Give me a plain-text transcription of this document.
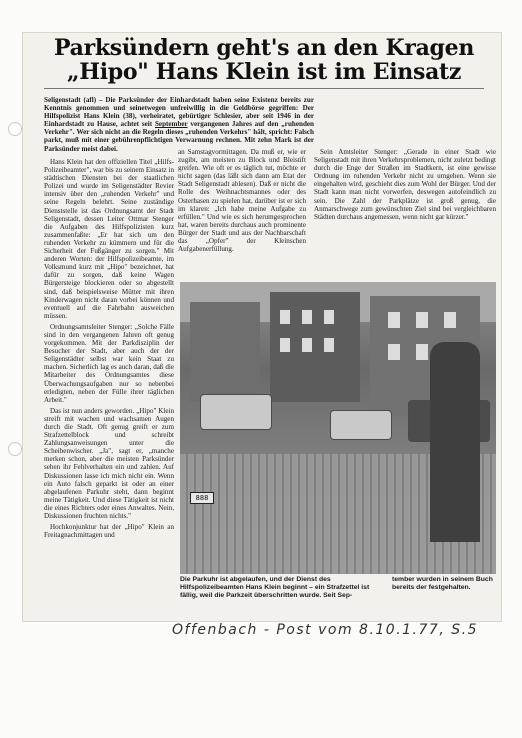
Parksündern geht's an den Kragen
„Hipo" Hans Klein ist im Einsatz

Seligenstadt (afl) – Die Parksünder der Einhardstadt haben seine Existenz bereits zur Kenntnis genommen und seinetwegen unfreiwillig in die Geldbörse gegriffen: Der Hilfspolizist Hans Klein (38), verheiratet, gebürtiger Schlesier, aber seit 1946 in der Einhardstadt zu Hause, achtet seit September vergangenen Jahres auf den „ruhenden Verkehr". Wer sich nicht an die Regeln dieses „ruhenden Verkehrs" hält, spricht: Falsch parkt, muß mit einer gebührenpflichtigen Verwarnung rechnen. Mit zehn Mark ist der Parksünder meist dabei.

Hans Klein hat den offiziellen Titel „Hilfs-Polizeibeamter", war bis zu seinem Einsatz in städtischen Diensten bei der staatlichen Polizei und wurde im Seligenstädter Revier intensiv über den „ruhenden Verkehr" und seine Regeln belehrt. Seine zuständige Dienststelle ist das Ordnungsamt der Stadt Seligenstadt, dessen Leiter Ottmar Stenger die Aufgaben des Hilfspolizisten kurz zusammenfaßte: „Er hat sich um den ruhenden Verkehr zu kümmern und für die Sicherheit der Fußgänger zu sorgen." Mit anderen Worten: der Hilfspolizeibeamte, im Volksmund kurz mit „Hipo" bezeichnet, hat dafür zu sorgen, daß keine Wagen Bürgersteige blockieren oder so abgestellt sind, daß beispielsweise Mütter mit ihren Kinderwagen nicht daran vorbei können und eventuell auf die Fahrbahn ausweichen müssen.

Ordnungsamtsleiter Stenger: „Solche Fälle sind in den vergangenen Jahren oft genug vorgekommen. Mit der Parkdisziplin der Besucher der Stadt, aber auch der der Seligenstädter selbst war kein Staat zu machen. Sicherlich lag es auch daran, daß die Mitarbeiter des Ordnungsamtes diese Überwachungsaufgaben nur so nebenbei erledigten, neben der Fülle ihrer täglichen Arbeit."

Das ist nun anders geworden. „Hipo" Klein streift mit wachen und wachsamen Augen durch die Stadt. Oft genug greift er zum Strafzettelblock und schreibt Zahlungsanweisungen unter die Scheibenwischer. „Ja", sagt er, „manche merken schon, aber die meisten Parksünder sehen ihr Fehlverhalten ein und zahlen. Auf Diskussionen lasse ich mich nicht ein. Wenn ein Auto falsch geparkt ist oder an einer abgelaufenen Parkuhr steht, dann beginnt meine Tätigkeit. Und diese Tätigkeit ist nicht die eines Richters oder eines Anwaltes. Nein, Diskussionen fruchten nichts."

Hochkonjunktur hat der „Hipo" Klein an Freitagnachmittagen und

an Samstagvormittagen. Da muß er, wie er zugibt, am meisten zu Block und Bleistift greifen. Wie oft er es täglich tut, möchte er nicht sagen (das läßt sich dann am Etat der Stadt Seligenstadt ablesen). Daß er nicht die Rolle des Weihnachtsmannes oder des Osterhasen zu spielen hat, darüber ist er sich im klaren: „Ich habe meine Aufgabe zu erfüllen." Und wie es sich herumgesprochen hat, waren bereits durchaus auch prominente Bürger der Stadt und aus der Nachbarschaft das „Opfer" der Kleinschen Aufgabenerfüllung.

Sein Amtsleiter Stenger: „Gerade in einer Stadt wie Seligenstadt mit ihren Verkehrsproblemen, nicht zuletzt bedingt durch die Enge der Straßen im Stadtkern, ist eine gewisse Ordnung im ruhenden Verkehr nicht zu umgehen. Wenn sie eingehalten wird, geschieht dies zum Wohl der Bürger. Und der Stadt kann man nicht vorwerfen, deswegen autofeindlich zu sein. Die Zahl der Parkplätze ist groß genug, die Anmarschwege zum gewünschten Ziel sind bei vergleichbaren Städten durchaus angemessen, wenn nicht gar kürzer."

888
Die Parkuhr ist abgelaufen, und der Dienst des Hilfspolizeibeamten Hans Klein beginnt – ein Strafzettel ist fällig, weil die Parkzeit überschritten wurde. Seit Sep-
tember wurden in seinem Buch bereits der festgehalten.
Offenbach - Post vom 8.10.1.77, S.5
